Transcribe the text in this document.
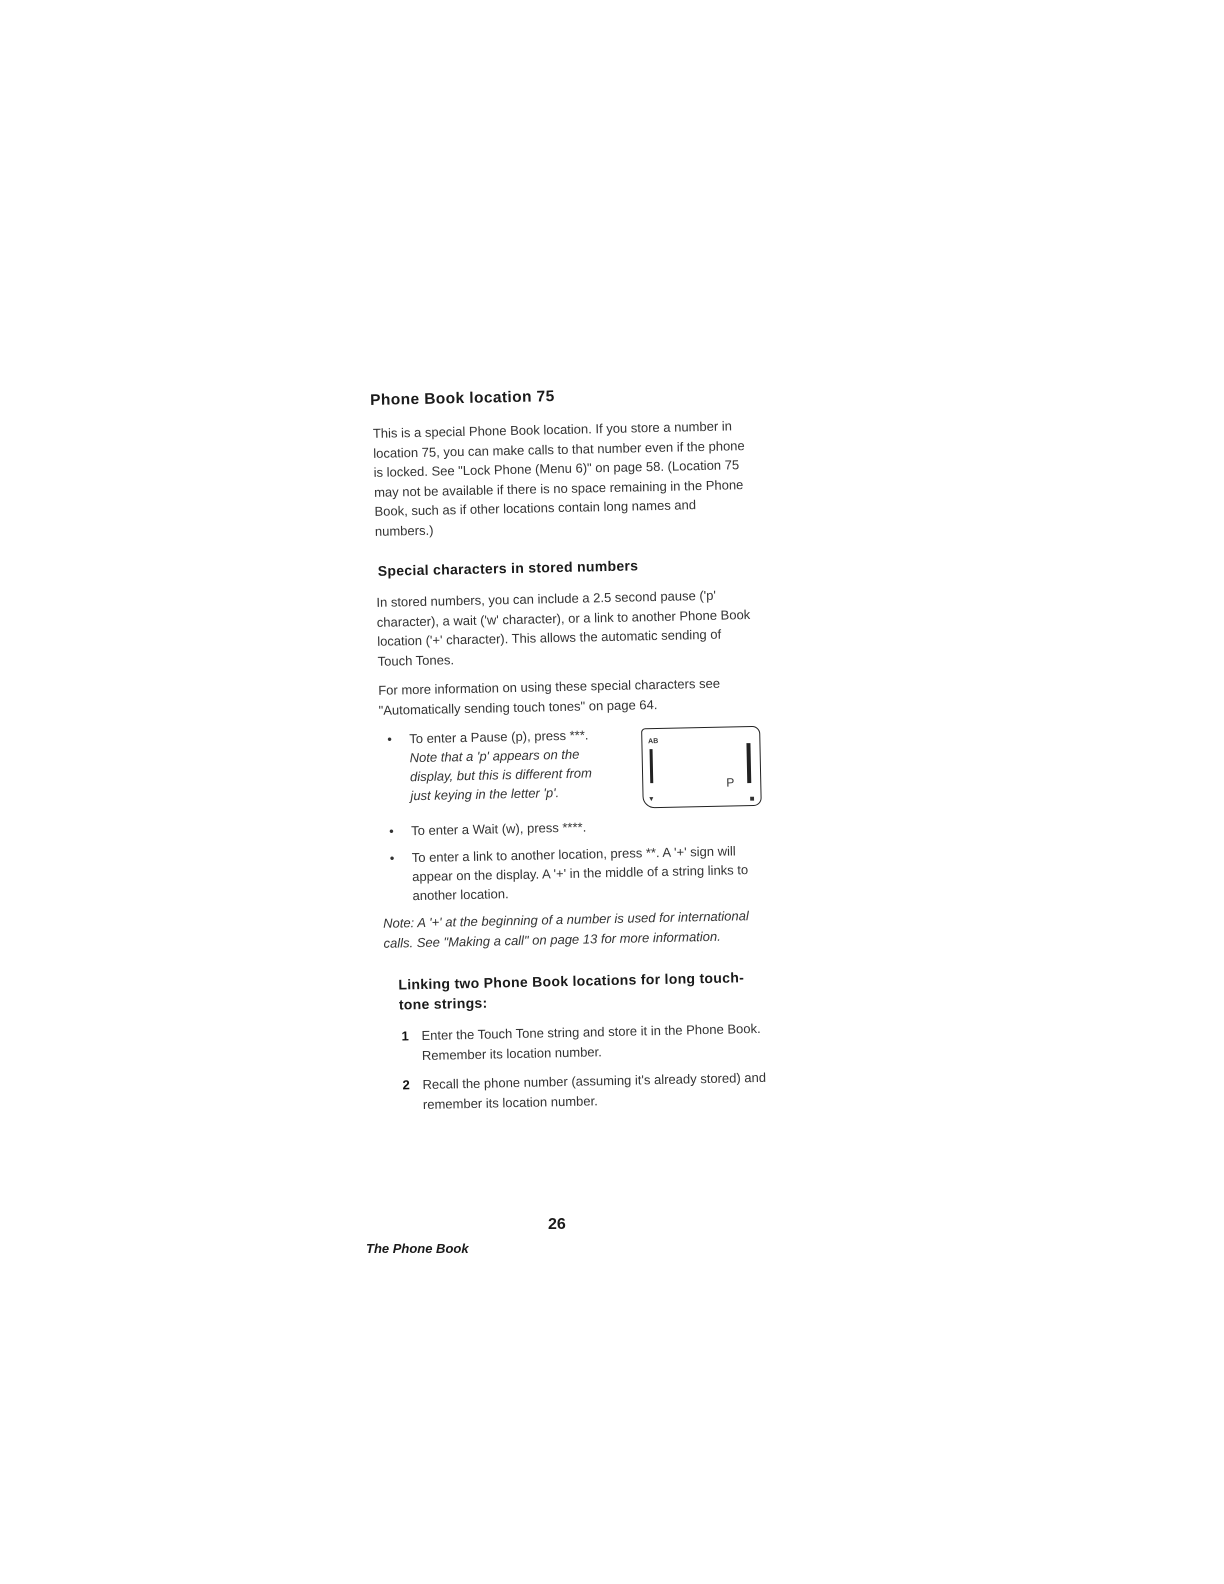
Phone Book location 75

This is a special Phone Book location. If you store a number in location 75, you can make calls to that number even if the phone is locked. See "Lock Phone (Menu 6)" on page 58. (Location 75 may not be available if there is no space remaining in the Phone Book, such as if other locations contain long names and numbers.)

Special characters in stored numbers

In stored numbers, you can include a 2.5 second pause ('p' character), a wait ('w' character), or a link to another Phone Book location ('+' character). This allows the automatic sending of Touch Tones.

For more information on using these special characters see "Automatically sending touch tones" on page 64.

• To enter a Pause (p), press ***. Note that a 'p' appears on the display, but this is different from just keying in the letter 'p'.
AB
▾	■
P
• To enter a Wait (w), press ****.
• To enter a link to another location, press **. A '+' sign will appear on the display. A '+' in the middle of a string links to another location.
Note: A '+' at the beginning of a number is used for international calls. See "Making a call" on page 13 for more information.
Linking two Phone Book locations for long touch-tone strings:
1 Enter the Touch Tone string and store it in the Phone Book. Remember its location number.
2 Recall the phone number (assuming it's already stored) and remember its location number.
26
The Phone Book
